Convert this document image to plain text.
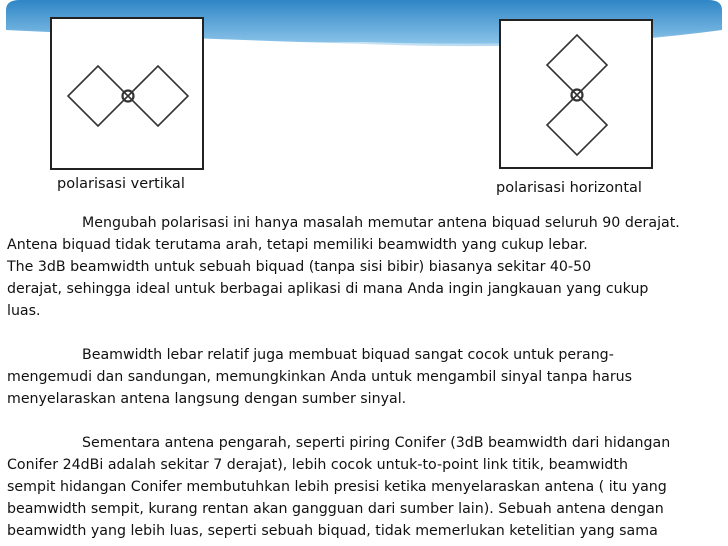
polarisasi vertikal	polarisasi horizontal
Mengubah polarisasi ini hanya masalah memutar antena biquad seluruh 90 derajat.
Antena biquad tidak terutama arah, tetapi memiliki beamwidth yang cukup lebar.
The 3dB beamwidth untuk sebuah biquad (tanpa sisi bibir) biasanya sekitar 40-50
derajat, sehingga ideal untuk berbagai aplikasi di mana Anda ingin jangkauan yang cukup
luas.
Beamwidth lebar relatif juga membuat biquad sangat cocok untuk perang-
mengemudi dan sandungan, memungkinkan Anda untuk mengambil sinyal tanpa harus
menyelaraskan antena langsung dengan sumber sinyal.
Sementara antena pengarah, seperti piring Conifer (3dB beamwidth dari hidangan
Conifer 24dBi adalah sekitar 7 derajat), lebih cocok untuk-to-point link titik, beamwidth
sempit hidangan Conifer membutuhkan lebih presisi ketika menyelaraskan antena ( itu yang
beamwidth sempit, kurang rentan akan gangguan dari sumber lain). Sebuah antena dengan
beamwidth yang lebih luas, seperti sebuah biquad, tidak memerlukan ketelitian yang sama
